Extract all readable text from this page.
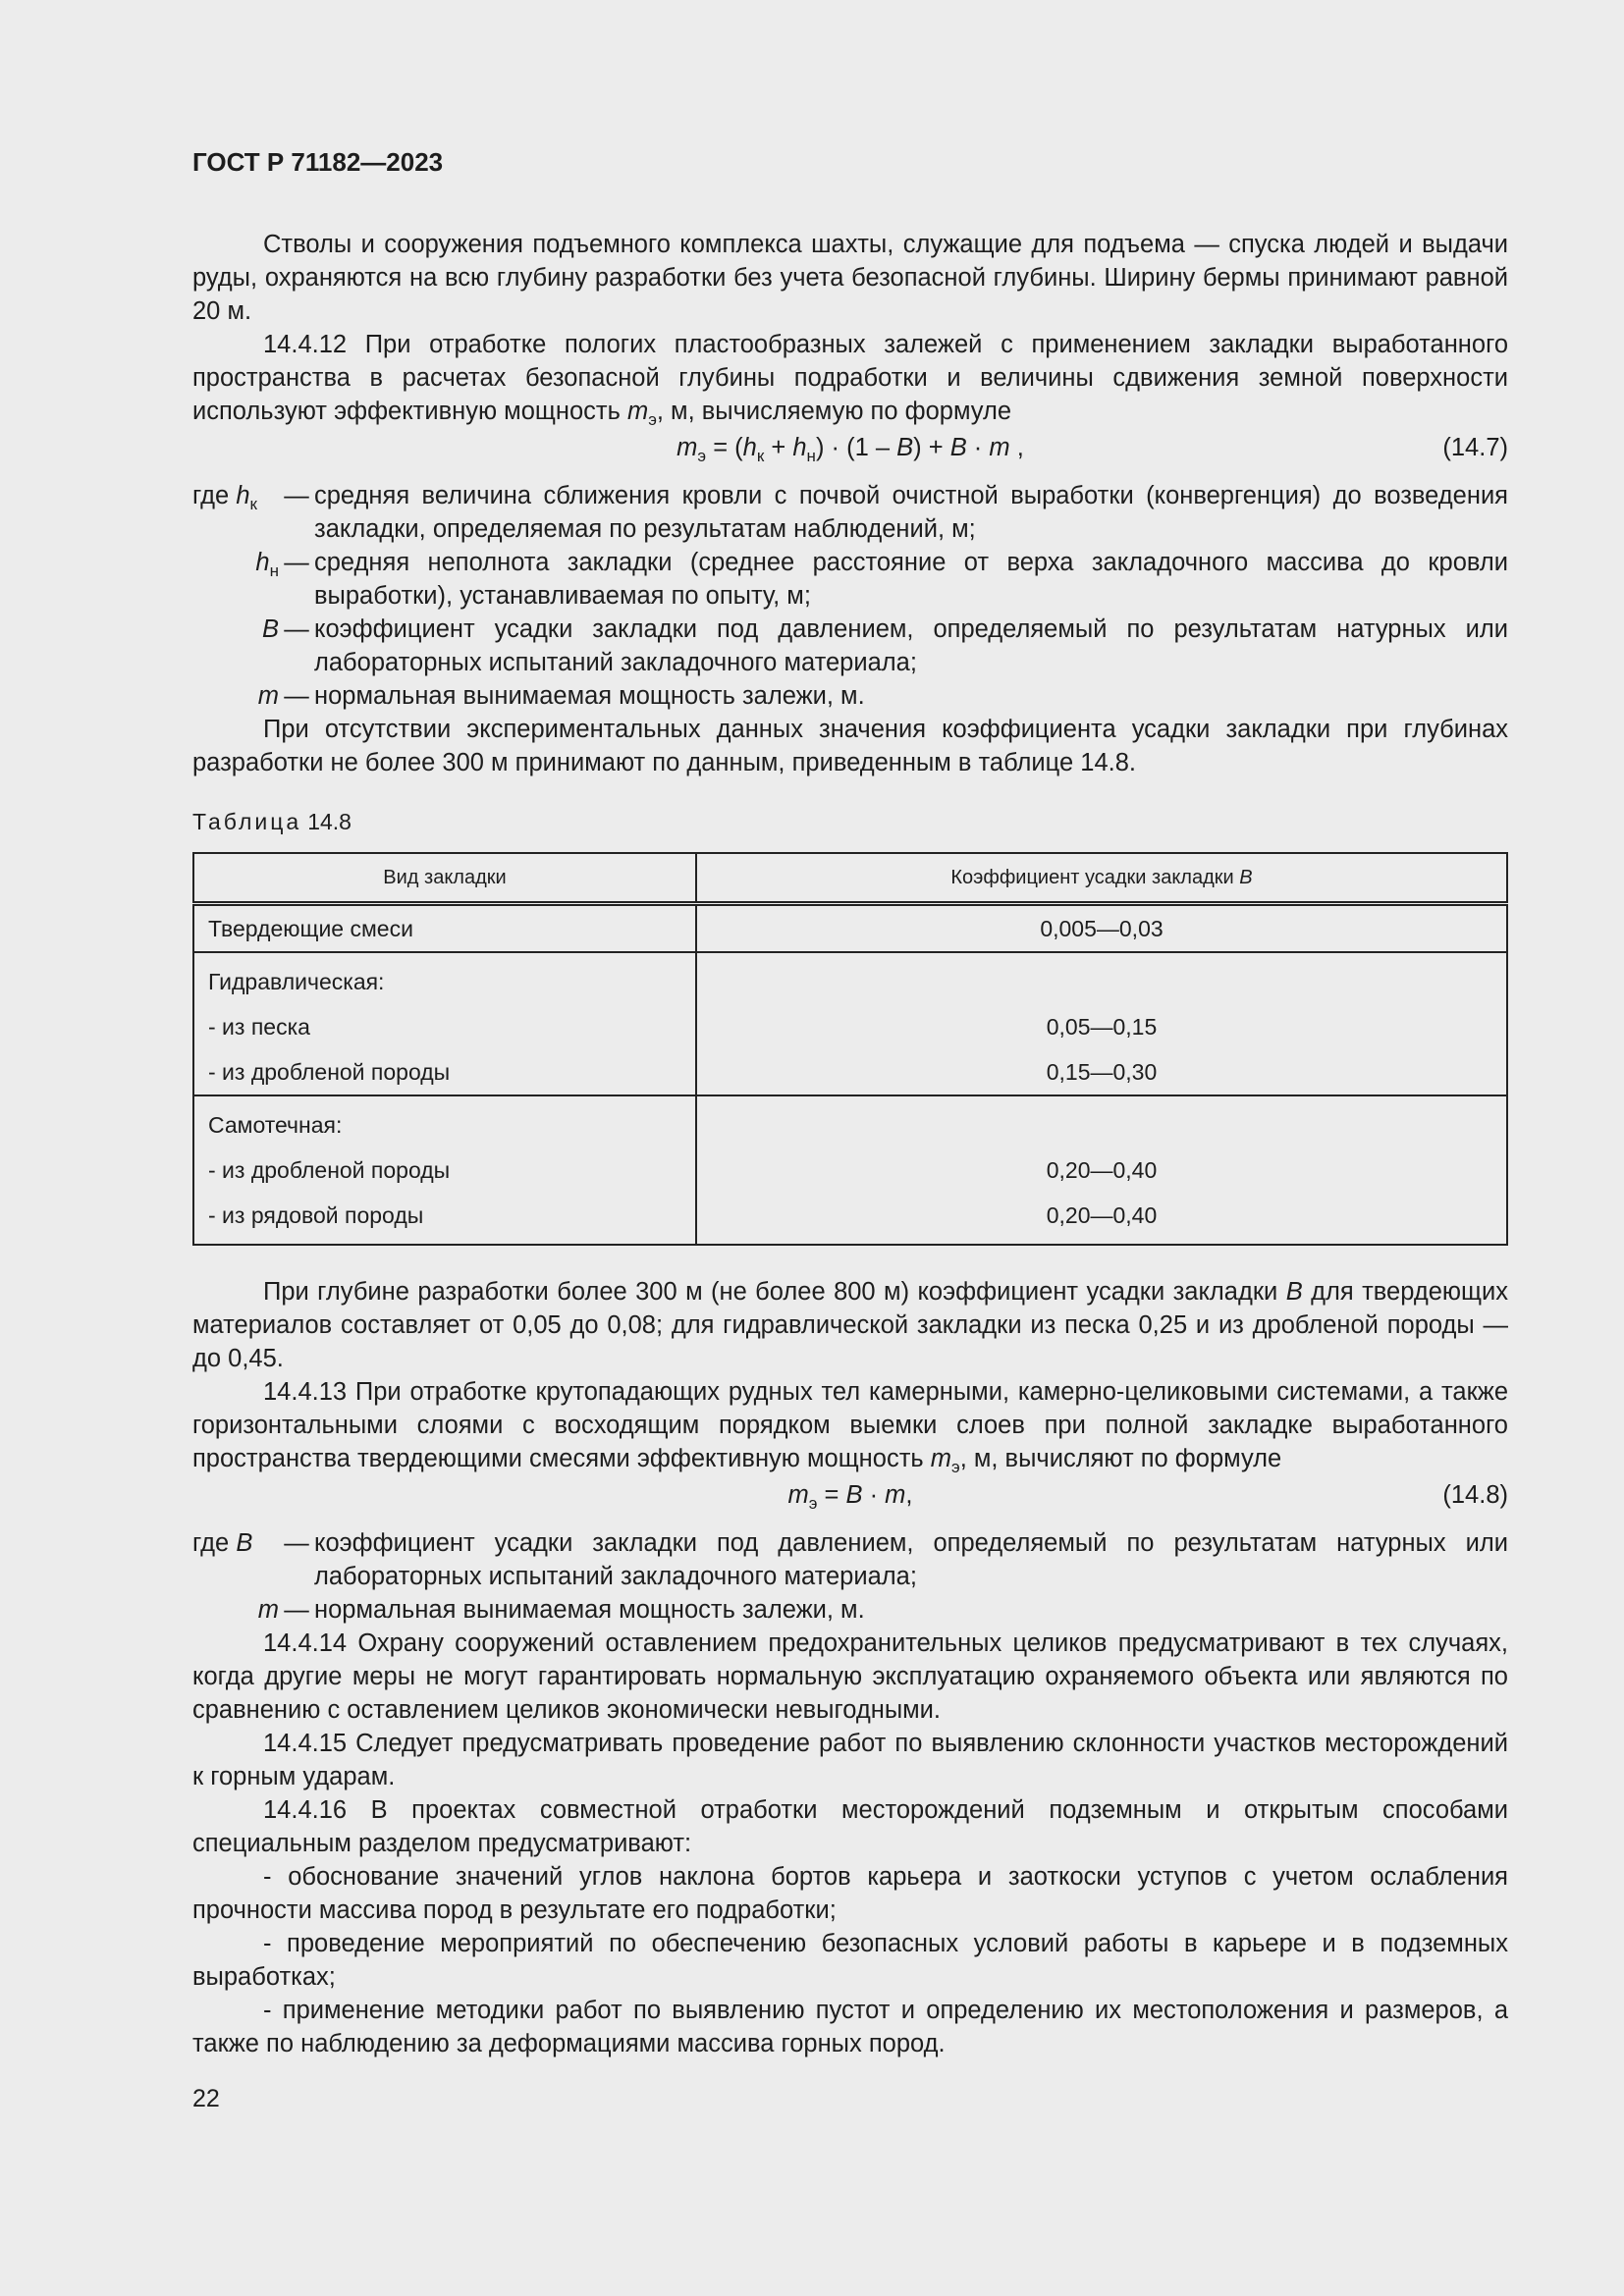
ГОСТ Р 71182—2023

Стволы и сооружения подъемного комплекса шахты, служащие для подъема — спуска людей и выдачи руды, охраняются на всю глубину разработки без учета безопасной глубины. Ширину бермы принимают равной 20 м.

14.4.12 При отработке пологих пластообразных залежей с применением закладки выработанного пространства в расчетах безопасной глубины подработки и величины сдвижения земной поверхности используют эффективную мощность $m_э$, м, вычисляемую по формуле

$m_э = (h_к + h_н) \cdot (1 - B) + B \cdot m$ ,	(14.7)
где $h_к$	— средняя величина сближения кровли с почвой очистной выработки (конвергенция) до возведения закладки, определяемая по результатам наблюдений, м;
$h_н$ — средняя неполнота закладки (среднее расстояние от верха закладочного массива до кровли выработки), устанавливаемая по опыту, м;
B — коэффициент усадки закладки под давлением, определяемый по результатам натурных или лабораторных испытаний закладочного материала;
m — нормальная вынимаемая мощность залежи, м.

При отсутствии экспериментальных данных значения коэффициента усадки закладки при глубинах разработки не более 300 м принимают по данным, приведенным в таблице 14.8.

Таблица 14.8
Вид закладки	Коэффициент усадки закладки B
Твердеющие смеси	0,005—0,03
Гидравлическая:	
- из песка	0,05—0,15
- из дробленой породы	0,15—0,30
Самотечная:	
- из дробленой породы	0,20—0,40
- из рядовой породы	0,20—0,40

При глубине разработки более 300 м (не более 800 м) коэффициент усадки закладки B для твердеющих материалов составляет от 0,05 до 0,08; для гидравлической закладки из песка 0,25 и из дробленой породы — до 0,45.

14.4.13 При отработке крутопадающих рудных тел камерными, камерно-целиковыми системами, а также горизонтальными слоями с восходящим порядком выемки слоев при полной закладке выработанного пространства твердеющими смесями эффективную мощность $m_э$, м, вычисляют по формуле

$m_э = B \cdot m$,	(14.8)
где B	— коэффициент усадки закладки под давлением, определяемый по результатам натурных или лабораторных испытаний закладочного материала;
m — нормальная вынимаемая мощность залежи, м.

14.4.14 Охрану сооружений оставлением предохранительных целиков предусматривают в тех случаях, когда другие меры не могут гарантировать нормальную эксплуатацию охраняемого объекта или являются по сравнению с оставлением целиков экономически невыгодными.

14.4.15 Следует предусматривать проведение работ по выявлению склонности участков месторождений к горным ударам.

14.4.16 В проектах совместной отработки месторождений подземным и открытым способами специальным разделом предусматривают:

- обоснование значений углов наклона бортов карьера и заоткоски уступов с учетом ослабления прочности массива пород в результате его подработки;

- проведение мероприятий по обеспечению безопасных условий работы в карьере и в подземных выработках;

- применение методики работ по выявлению пустот и определению их местоположения и размеров, а также по наблюдению за деформациями массива горных пород.

22
